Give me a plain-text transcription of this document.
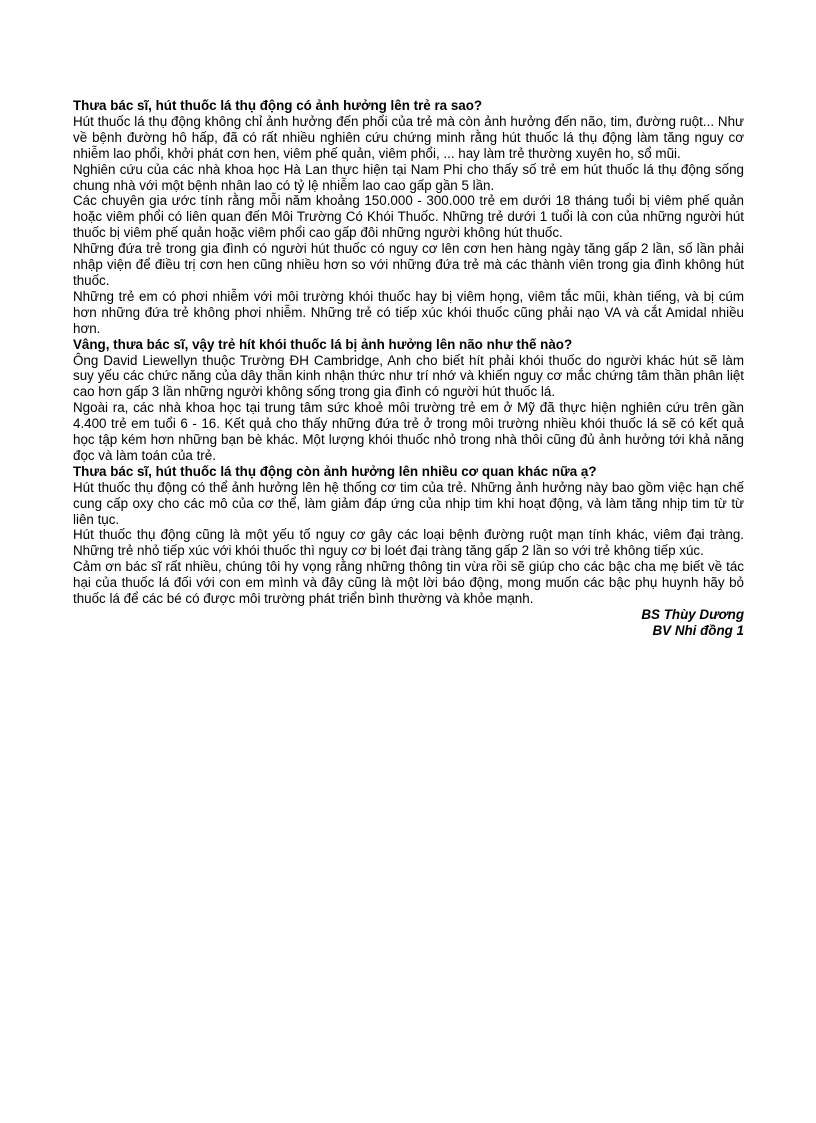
Thưa bác sĩ, hút thuốc lá thụ động có ảnh hưởng lên trẻ ra sao?

Hút thuốc lá thụ động không chỉ ảnh hưởng đến phổi của trẻ mà còn ảnh hưởng đến não, tim, đường ruột... Như về bệnh đường hô hấp, đã có rất nhiều nghiên cứu chứng minh rằng hút thuốc lá thụ động làm tăng nguy cơ nhiễm lao phổi, khởi phát cơn hen, viêm phế quản, viêm phổi, ... hay làm trẻ thường xuyên ho, sổ mũi.

Nghiên cứu của các nhà khoa học Hà Lan thực hiện tại Nam Phi cho thấy số trẻ em hút thuốc lá thụ động sống chung nhà với một bệnh nhân lao có tỷ lệ nhiễm lao cao gấp gần 5 lần.

Các chuyên gia ước tính rằng mỗi năm khoảng 150.000 - 300.000 trẻ em dưới 18 tháng tuổi bị viêm phế quản hoặc viêm phổi có liên quan đến Môi Trường Có Khói Thuốc. Những trẻ dưới 1 tuổi là con của những người hút thuốc bị viêm phế quản hoặc viêm phổi cao gấp đôi những người không hút thuốc.

Những đứa trẻ trong gia đình có người hút thuốc có nguy cơ lên cơn hen hàng ngày tăng gấp 2 lần, số lần phải nhập viện để điều trị cơn hen cũng nhiều hơn so với những đứa trẻ mà các thành viên trong gia đình không hút thuốc.

Những trẻ em có phơi nhiễm với môi trường khói thuốc hay bị viêm họng, viêm tắc mũi, khàn tiếng, và bị cúm hơn những đứa trẻ không phơi nhiễm. Những trẻ có tiếp xúc khói thuốc cũng phải nạo VA và cắt Amidal nhiều hơn.

Vâng, thưa bác sĩ, vậy trẻ hít khói thuốc lá bị ảnh hưởng lên não như thế nào?

Ông David Liewellyn thuộc Trường ĐH Cambridge, Anh cho biết hít phải khói thuốc do người khác hút sẽ làm suy yếu các chức năng của dây thần kinh nhận thức như trí nhớ và khiến nguy cơ mắc chứng tâm thần phân liệt cao hơn gấp 3 lần những người không sống trong gia đình có người hút thuốc lá.

Ngoài ra, các nhà khoa học tại trung tâm sức khoẻ môi trường trẻ em ở Mỹ đã thực hiện nghiên cứu trên gần 4.400 trẻ em tuổi 6 - 16. Kết quả cho thấy những đứa trẻ ở trong môi trường nhiều khói thuốc lá sẽ có kết quả học tập kém hơn những bạn bè khác. Một lượng khói thuốc nhỏ trong nhà thôi cũng đủ ảnh hưởng tới khả năng đọc và làm toán của trẻ.

Thưa bác sĩ, hút thuốc lá thụ động còn ảnh hưởng lên nhiều cơ quan khác nữa ạ?

Hút thuốc thụ động có thể ảnh hưởng lên hệ thống cơ tim của trẻ. Những ảnh hưởng này bao gồm việc hạn chế cung cấp oxy cho các mô của cơ thể, làm giảm đáp ứng của nhịp tim khi hoạt động, và làm tăng nhịp tim từ từ liên tục.

Hút thuốc thụ động cũng là một yếu tố nguy cơ gây các loại bệnh đường ruột mạn tính khác, viêm đại tràng. Những trẻ nhỏ tiếp xúc với khói thuốc thì nguy cơ bị loét đại tràng tăng gấp 2 lần so với trẻ không tiếp xúc.

Cảm ơn bác sĩ rất nhiều, chúng tôi hy vọng rằng những thông tin vừa rồi sẽ giúp cho các bậc cha mẹ biết về tác hại của thuốc lá đối với con em mình và đây cũng là một lời báo động, mong muốn các bậc phụ huynh hãy bỏ thuốc lá để các bé có được môi trường phát triển bình thường và khỏe mạnh.

BS Thùy Dương

BV Nhi đồng 1
